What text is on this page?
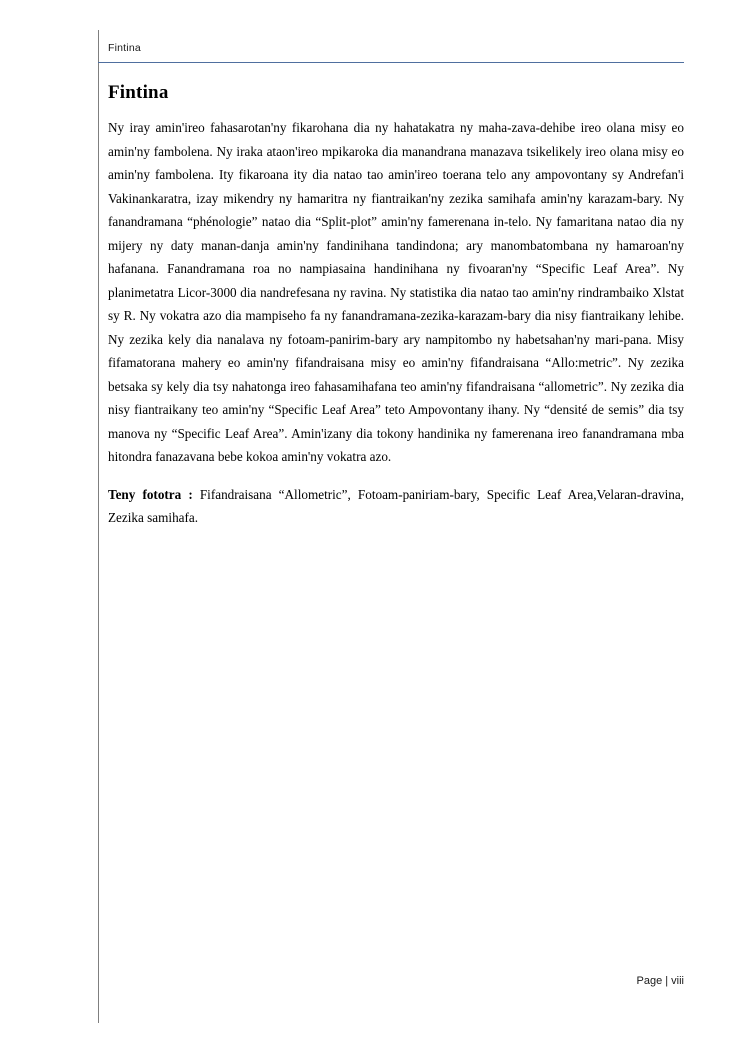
Fintina
Fintina

Ny iray amin'ireo fahasarotan'ny fikarohana dia ny hahatakatra ny maha-zava-dehibe ireo olana misy eo amin'ny fambolena. Ny iraka ataon'ireo mpikaroka dia manandrana manazava tsikelikely ireo olana misy eo amin'ny fambolena. Ity fikaroana ity dia natao tao amin'ireo toerana telo any ampovontany sy Andrefan'i Vakinankaratra, izay mikendry ny hamaritra ny fiantraikan'ny zezika samihafa amin'ny karazam-bary. Ny fanandramana “phénologie” natao dia “Split-plot” amin'ny famerenana in-telo. Ny famaritana natao dia ny mijery ny daty manan-danja amin'ny fandinihana tandindona; ary manombatombana ny hamaroan'ny hafanana. Fanandramana roa no nampiasaina handinihana ny fivoaran'ny “Specific Leaf Area”. Ny planimetatra Licor-3000 dia nandrefesana ny ravina. Ny statistika dia natao tao amin'ny rindrambaiko Xlstat sy R. Ny vokatra azo dia mampiseho fa ny fanandramana-zezika-karazam-bary dia nisy fiantraikany lehibe. Ny zezika kely dia nanalava ny fotoam-panirim-bary ary nampitombo ny habetsahan'ny mari-pana. Misy fifamatorana mahery eo amin'ny fifandraisana misy eo amin'ny fifandraisana “Allo:metric”. Ny zezika betsaka sy kely dia tsy nahatonga ireo fahasamihafana teo amin'ny fifandraisana “allometric”. Ny zezika dia nisy fiantraikany teo amin'ny “Specific Leaf Area” teto Ampovontany ihany. Ny “densité de semis” dia tsy manova ny “Specific Leaf Area”. Amin'izany dia tokony handinika ny famerenana ireo fanandramana mba hitondra fanazavana bebe kokoa amin'ny vokatra azo.

Teny fototra : Fifandraisana “Allometric”, Fotoam-paniriam-bary, Specific Leaf Area,Velaran-dravina, Zezika samihafa.

Page | viii
